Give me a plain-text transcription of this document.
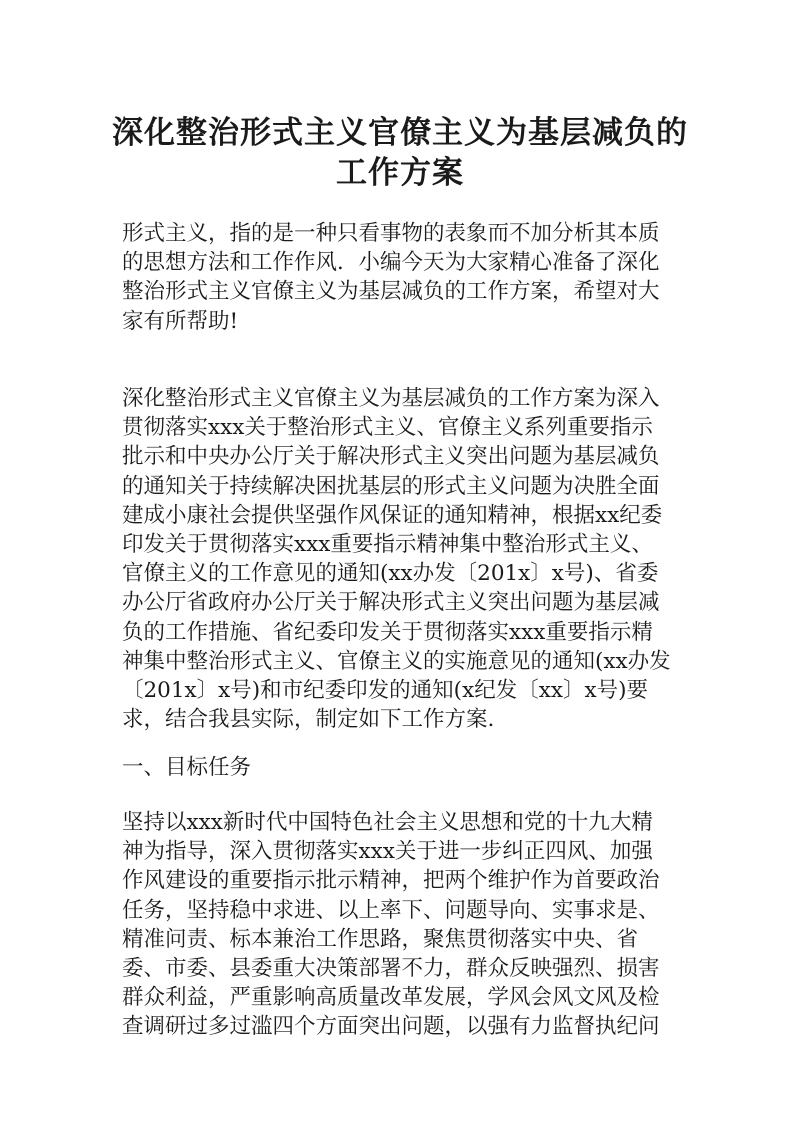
深化整治形式主义官僚主义为基层减负的
工作方案
形式主义，指的是一种只看事物的表象而不加分析其本质
的思想方法和工作作风．小编今天为大家精心准备了深化
整治形式主义官僚主义为基层减负的工作方案，希望对大
家有所帮助!
深化整治形式主义官僚主义为基层减负的工作方案为深入
贯彻落实xxx关于整治形式主义、官僚主义系列重要指示
批示和中央办公厅关于解决形式主义突出问题为基层减负
的通知关于持续解决困扰基层的形式主义问题为决胜全面
建成小康社会提供坚强作风保证的通知精神，根据xx纪委
印发关于贯彻落实xxx重要指示精神集中整治形式主义、
官僚主义的工作意见的通知(xx办发〔201x〕x号)、省委
办公厅省政府办公厅关于解决形式主义突出问题为基层减
负的工作措施、省纪委印发关于贯彻落实xxx重要指示精
神集中整治形式主义、官僚主义的实施意见的通知(xx办发
〔201x〕x号)和市纪委印发的通知(x纪发〔xx〕x号)要
求，结合我县实际，制定如下工作方案.
一、目标任务
坚持以xxx新时代中国特色社会主义思想和党的十九大精
神为指导，深入贯彻落实xxx关于进一步纠正四风、加强
作风建设的重要指示批示精神，把两个维护作为首要政治
任务，坚持稳中求进、以上率下、问题导向、实事求是、
精准问责、标本兼治工作思路，聚焦贯彻落实中央、省
委、市委、县委重大决策部署不力，群众反映强烈、损害
群众利益，严重影响高质量改革发展，学风会风文风及检
查调研过多过滥四个方面突出问题，以强有力监督执纪问
